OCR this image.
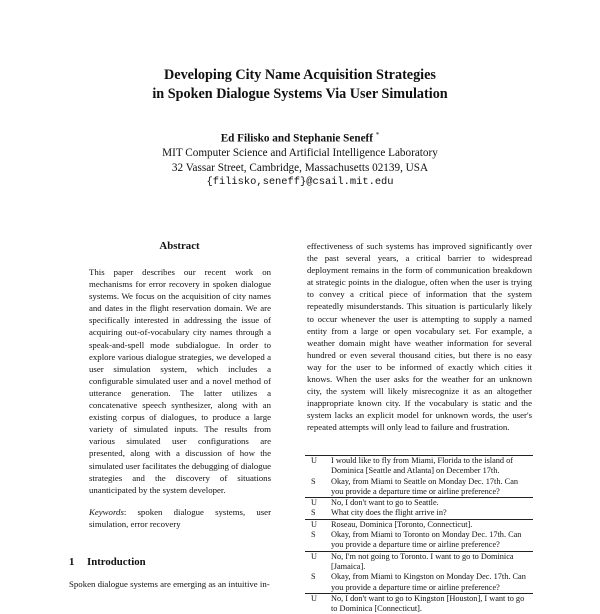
Developing City Name Acquisition Strategies
in Spoken Dialogue Systems Via User Simulation
Ed Filisko and Stephanie Seneff *
MIT Computer Science and Artificial Intelligence Laboratory
32 Vassar Street, Cambridge, Massachusetts 02139, USA
{filisko,seneff}@csail.mit.edu
Abstract
This paper describes our recent work on mechanisms for error recovery in spoken dialogue systems. We focus on the acquisition of city names and dates in the flight reservation domain. We are specifically interested in addressing the issue of acquiring out-of-vocabulary city names through a speak-and-spell mode subdialogue. In order to explore various dialogue strategies, we developed a user simulation system, which includes a configurable simulated user and a novel method of utterance generation. The latter utilizes a concatenative speech synthesizer, along with an existing corpus of dialogues, to produce a large variety of simulated inputs. The results from various simulated user configurations are presented, along with a discussion of how the simulated user facilitates the debugging of dialogue strategies and the discovery of situations unanticipated by the system developer.
Keywords: spoken dialogue systems, user simulation, error recovery
1 Introduction
Spoken dialogue systems are emerging as an intuitive in-

effectiveness of such systems has improved significantly over the past several years, a critical barrier to widespread deployment remains in the form of communication breakdown at strategic points in the dialogue, often when the user is trying to convey a critical piece of information that the system repeatedly misunderstands. This situation is particularly likely to occur whenever the user is attempting to supply a named entity from a large or open vocabulary set. For example, a weather domain might have weather information for several hundred or even several thousand cities, but there is no easy way for the user to be informed of exactly which cities it knows. When the user asks for the weather for an unknown city, the system will likely misrecognize it as an altogether inappropriate known city. If the vocabulary is static and the system lacks an explicit model for unknown words, the user's repeated attempts will only lead to failure and frustration.

U	I would like to fly from Miami, Florida to the island of Dominica [Seattle and Atlanta] on December 17th.
S	Okay, from Miami to Seattle on Monday Dec. 17th. Can you provide a departure time or airline preference?
U	No, I don't want to go to Seattle.
S	What city does the flight arrive in?
U	Roseau, Dominica [Toronto, Connecticut].
S	Okay, from Miami to Toronto on Monday Dec. 17th. Can you provide a departure time or airline preference?
U	No, I'm not going to Toronto. I want to go to Dominica [Jamaica].
S	Okay, from Miami to Kingston on Monday Dec. 17th. Can you provide a departure time or airline preference?
U	No, I don't want to go to Kingston [Houston], I want to go to Dominica [Connecticut].
